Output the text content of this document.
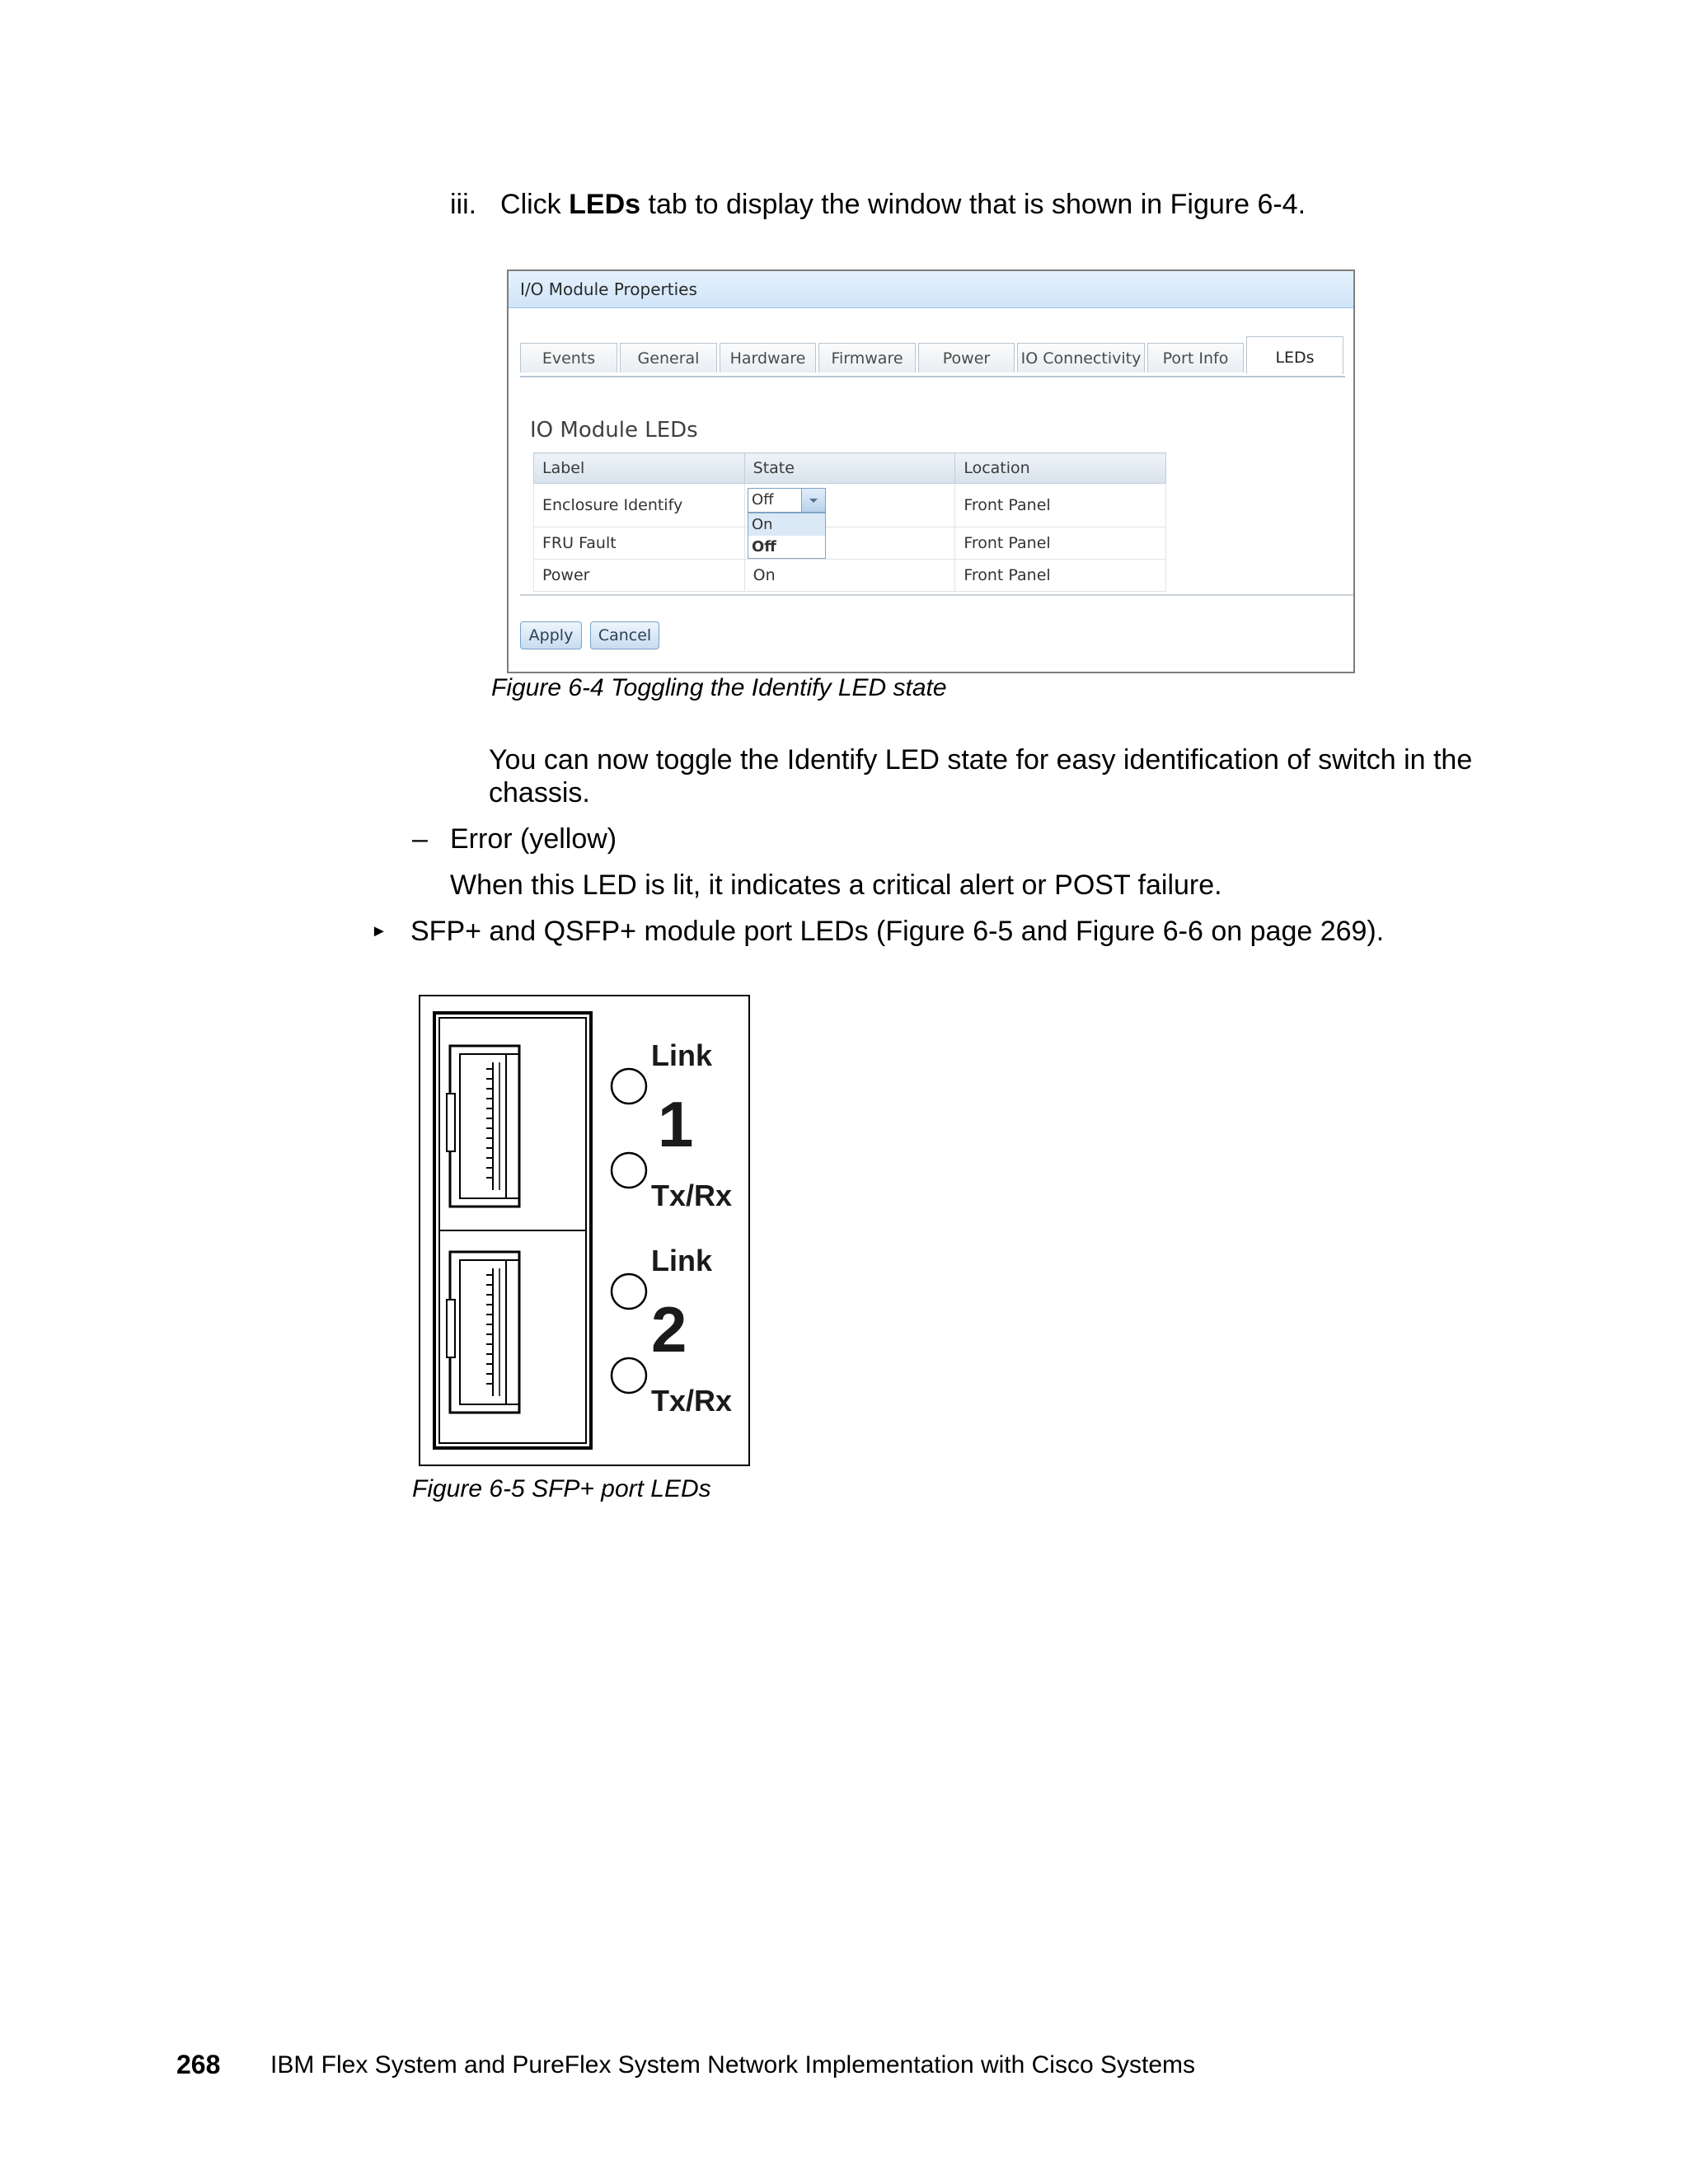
iii. Click LEDs tab to display the window that is shown in Figure 6-4.
I/O Module Properties
Events	General	Hardware	Firmware	Power	IO Connectivity	Port Info	LEDs
IO Module LEDs
Label	State	Location
Enclosure Identify		Front Panel
FRU Fault		Front Panel
Power	On	Front Panel
Off
On
Off
Apply	Cancel
Figure 6-4 Toggling the Identify LED state
You can now toggle the Identify LED state for easy identification of switch in the
chassis.
– Error (yellow)
When this LED is lit, it indicates a critical alert or POST failure.
► SFP+ and QSFP+ module port LEDs (Figure 6-5 and Figure 6-6 on page 269).
Link
1
Tx/Rx
Link
2
Tx/Rx
Figure 6-5 SFP+ port LEDs
268 IBM Flex System and PureFlex System Network Implementation with Cisco Systems
